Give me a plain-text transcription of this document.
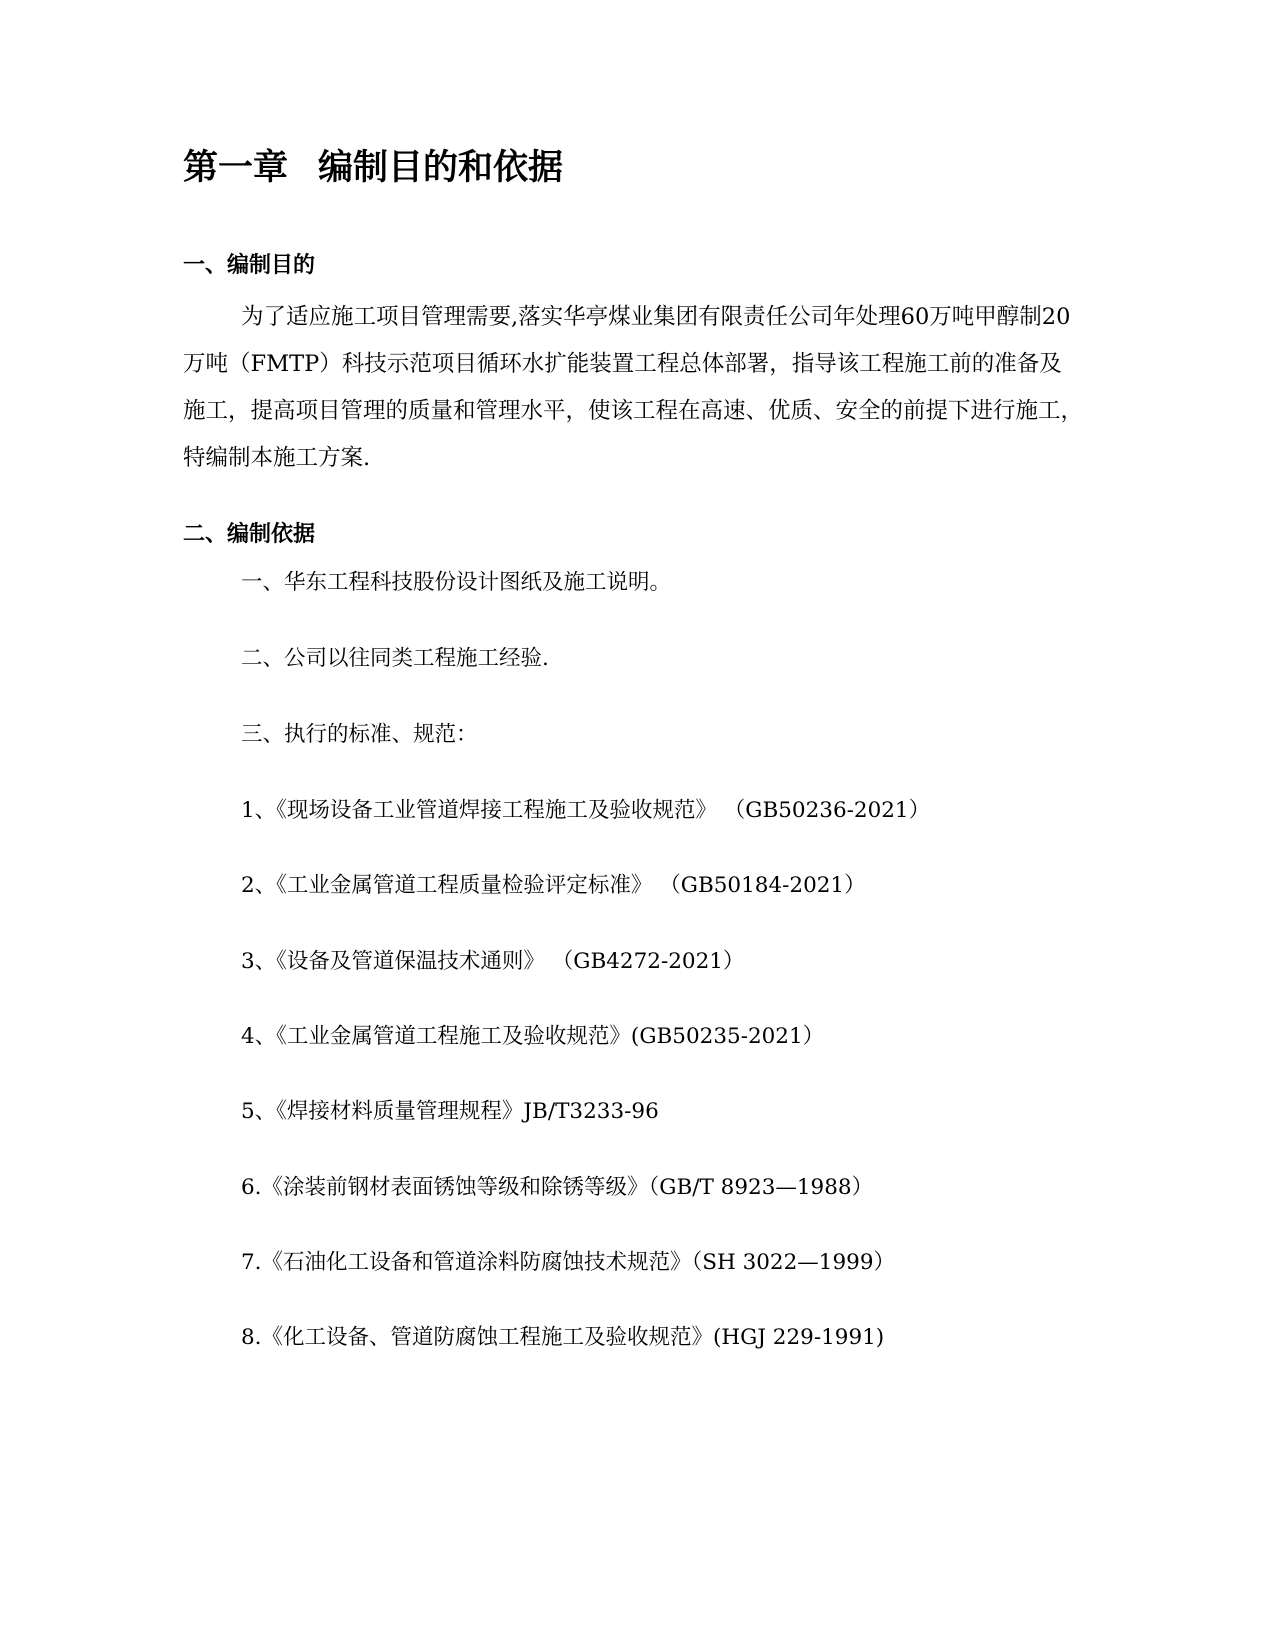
第一章 编制目的和依据
一、编制目的

为了适应施工项目管理需要,落实华亭煤业集团有限责任公司年处理60万吨甲醇制20万吨（FMTP）科技示范项目循环水扩能装置工程总体部署，指导该工程施工前的准备及施工，提高项目管理的质量和管理水平，使该工程在高速、优质、安全的前提下进行施工，特编制本施工方案.

二、编制依据

一、华东工程科技股份设计图纸及施工说明。

二、公司以往同类工程施工经验.

三、执行的标准、规范：

1、《现场设备工业管道焊接工程施工及验收规范》 （GB50236-2021）

2、《工业金属管道工程质量检验评定标准》 （GB50184-2021）

3、《设备及管道保温技术通则》 （GB4272-2021）

4、《工业金属管道工程施工及验收规范》(GB50235-2021）

5、《焊接材料质量管理规程》JB/T3233-96

6.《涂装前钢材表面锈蚀等级和除锈等级》（GB/T 8923—1988）

7.《石油化工设备和管道涂料防腐蚀技术规范》（SH 3022—1999）

8.《化工设备、管道防腐蚀工程施工及验收规范》(HGJ 229-1991)
